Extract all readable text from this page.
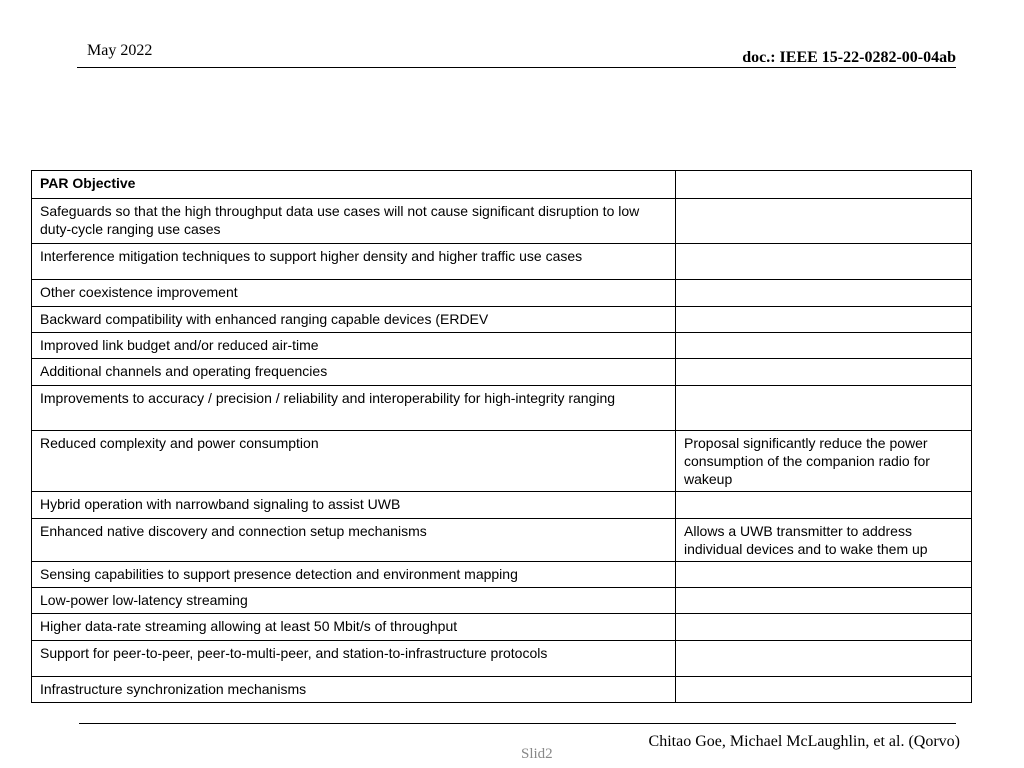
May 2022	doc.: IEEE 15-22-0282-00-04ab
PAR Objective	
Safeguards so that the high throughput data use cases will not cause significant disruption to low duty-cycle ranging use cases	
Interference mitigation techniques to support higher density and higher traffic use cases	
Other coexistence improvement	
Backward compatibility with enhanced ranging capable devices (ERDEV	
Improved link budget and/or reduced air-time	
Additional channels and operating frequencies	
Improvements to accuracy / precision / reliability and interoperability for high-integrity ranging	
Reduced complexity and power consumption	Proposal significantly reduce the power consumption of the companion radio for wakeup
Hybrid operation with narrowband signaling to assist UWB	
Enhanced native discovery and connection setup mechanisms	Allows a UWB transmitter to address individual devices and to wake them up
Sensing capabilities to support presence detection and environment mapping	
Low-power low-latency streaming	
Higher data-rate streaming allowing at least 50 Mbit/s of throughput	
Support for peer-to-peer, peer-to-multi-peer, and station-to-infrastructure protocols	
Infrastructure synchronization mechanisms	
Chitao Goe, Michael McLaughlin, et al. (Qorvo)
Slid2
